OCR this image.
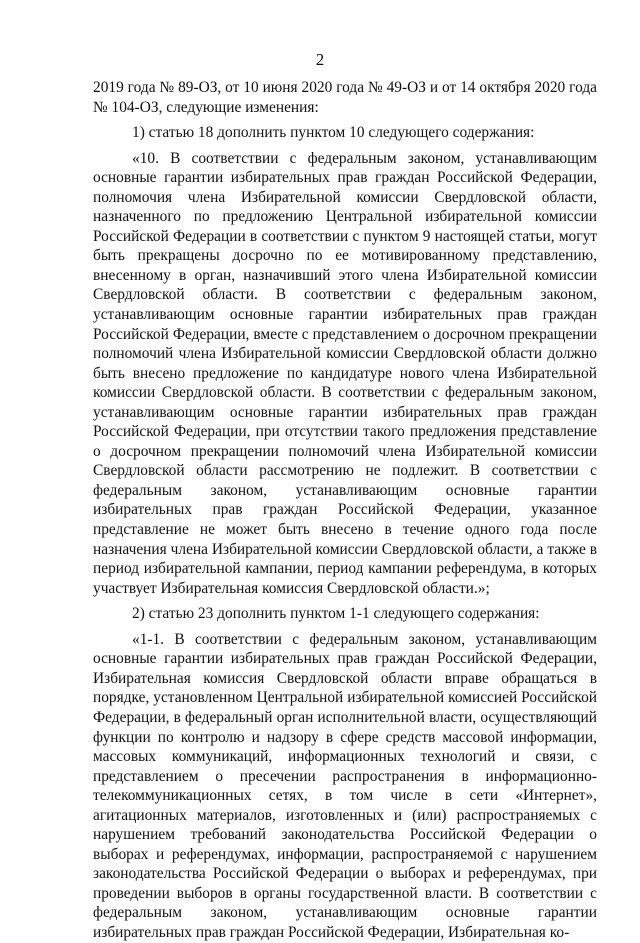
2

2019 года № 89-ОЗ, от 10 июня 2020 года № 49-ОЗ и от 14 октября 2020 года № 104-ОЗ, следующие изменения:

1) статью 18 дополнить пунктом 10 следующего содержания:

«10. В соответствии с федеральным законом, устанавливающим основные гарантии избирательных прав граждан Российской Федерации, полномочия члена Избирательной комиссии Свердловской области, назначенного по предложению Центральной избирательной комиссии Российской Федерации в соответствии с пунктом 9 настоящей статьи, могут быть прекращены досрочно по ее мотивированному представлению, внесенному в орган, назначивший этого члена Избирательной комиссии Свердловской области. В соответствии с федеральным законом, устанавливающим основные гарантии избирательных прав граждан Российской Федерации, вместе с представлением о досрочном прекращении полномочий члена Избирательной комиссии Свердловской области должно быть внесено предложение по кандидатуре нового члена Избирательной комиссии Свердловской области. В соответствии с федеральным законом, устанавливающим основные гарантии избирательных прав граждан Российской Федерации, при отсутствии такого предложения представление о досрочном прекращении полномочий члена Избирательной комиссии Свердловской области рассмотрению не подлежит. В соответствии с федеральным законом, устанавливающим основные гарантии избирательных прав граждан Российской Федерации, указанное представление не может быть внесено в течение одного года после назначения члена Избирательной комиссии Свердловской области, а также в период избирательной кампании, период кампании референдума, в которых участвует Избирательная комиссия Свердловской области.»;

2) статью 23 дополнить пунктом 1-1 следующего содержания:

«1-1. В соответствии с федеральным законом, устанавливающим основные гарантии избирательных прав граждан Российской Федерации, Избирательная комиссия Свердловской области вправе обращаться в порядке, установленном Центральной избирательной комиссией Российской Федерации, в федеральный орган исполнительной власти, осуществляющий функции по контролю и надзору в сфере средств массовой информации, массовых коммуникаций, информационных технологий и связи, с представлением о пресечении распространения в информационно-телекоммуникационных сетях, в том числе в сети «Интернет», агитационных материалов, изготовленных и (или) распространяемых с нарушением требований законодательства Российской Федерации о выборах и референдумах, информации, распространяемой с нарушением законодательства Российской Федерации о выборах и референдумах, при проведении выборов в органы государственной власти. В соответствии с федеральным законом, устанавливающим основные гарантии избирательных прав граждан Российской Федерации, Избирательная ко-
